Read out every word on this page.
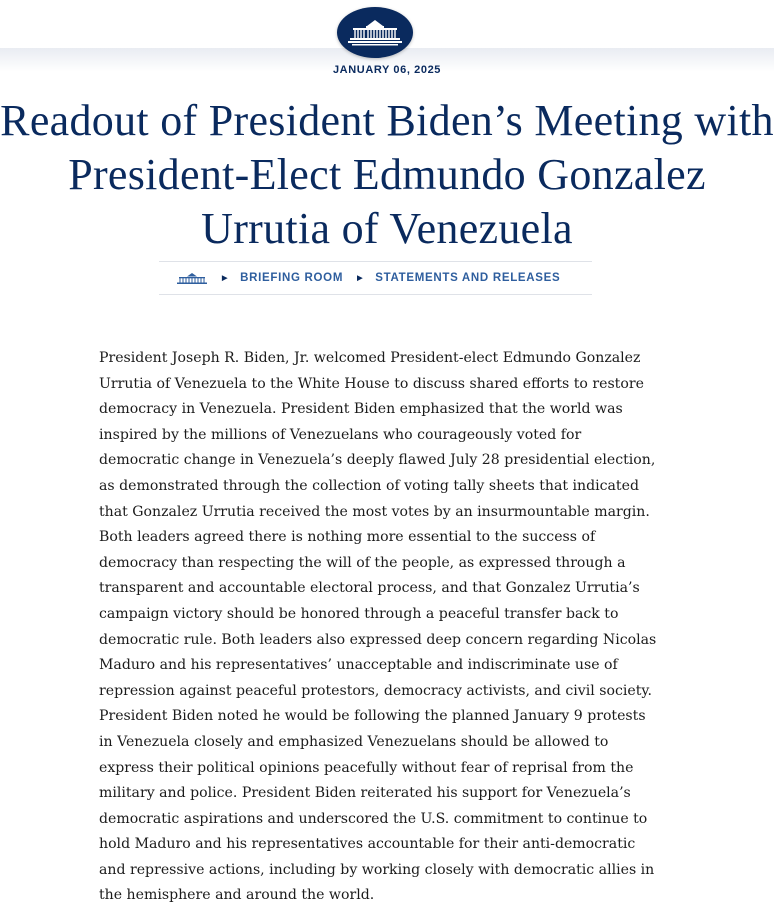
JANUARY 06, 2025
Readout of President Biden’s Meeting with President-Elect Edmundo Gonzalez Urrutia of Venezuela
▶ BRIEFING ROOM ▶ STATEMENTS AND RELEASES

President Joseph R. Biden, Jr. welcomed President-elect Edmundo Gonzalez
Urrutia of Venezuela to the White House to discuss shared efforts to restore
democracy in Venezuela. President Biden emphasized that the world was
inspired by the millions of Venezuelans who courageously voted for
democratic change in Venezuela’s deeply flawed July 28 presidential election,
as demonstrated through the collection of voting tally sheets that indicated
that Gonzalez Urrutia received the most votes by an insurmountable margin.
Both leaders agreed there is nothing more essential to the success of
democracy than respecting the will of the people, as expressed through a
transparent and accountable electoral process, and that Gonzalez Urrutia’s
campaign victory should be honored through a peaceful transfer back to
democratic rule. Both leaders also expressed deep concern regarding Nicolas
Maduro and his representatives’ unacceptable and indiscriminate use of
repression against peaceful protestors, democracy activists, and civil society.
President Biden noted he would be following the planned January 9 protests
in Venezuela closely and emphasized Venezuelans should be allowed to
express their political opinions peacefully without fear of reprisal from the
military and police. President Biden reiterated his support for Venezuela’s
democratic aspirations and underscored the U.S. commitment to continue to
hold Maduro and his representatives accountable for their anti-democratic
and repressive actions, including by working closely with democratic allies in
the hemisphere and around the world.
